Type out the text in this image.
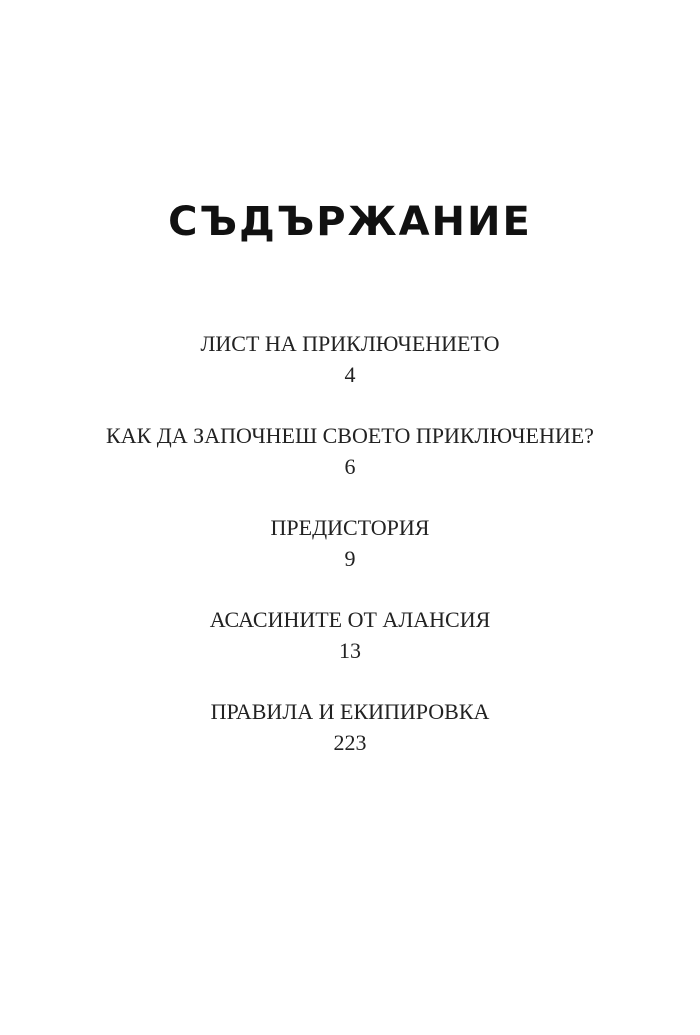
СЪДЪРЖАНИЕ
ЛИСТ НА ПРИКЛЮЧЕНИЕТО
4
КАК ДА ЗАПОЧНЕШ СВОЕТО ПРИКЛЮЧЕНИЕ?
6
ПРЕДИСТОРИЯ
9
АСАСИНИТЕ ОТ АЛАНСИЯ
13
ПРАВИЛА И ЕКИПИРОВКА
223
